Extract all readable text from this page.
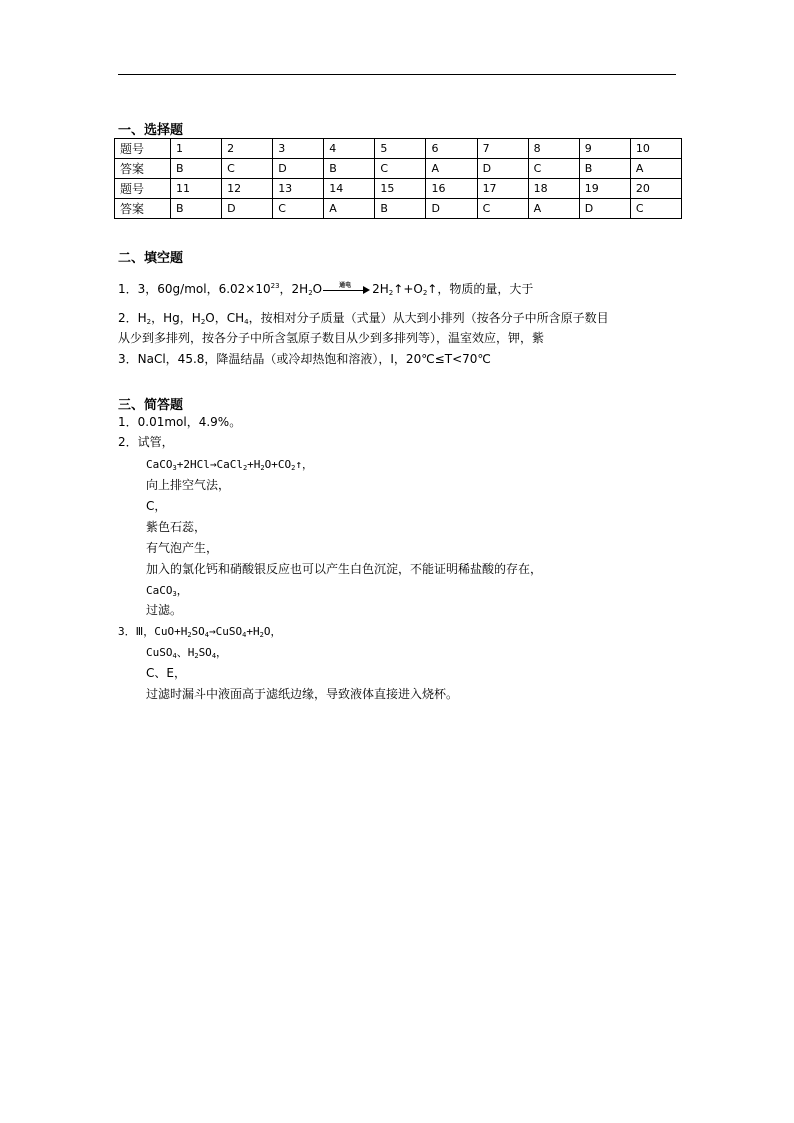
一、选择题
题号	1	2	3	4	5	6	7	8	9	10
答案	B	C	D	B	C	A	D	C	B	A
题号	11	12	13	14	15	16	17	18	19	20
答案	B	D	C	A	B	D	C	A	D	C
二、填空题
1．3，60g/mol，$6.02\times 10^{23}$，$2H_2O$	通电	$2H_2↑+O_2↑$，物质的量，大于
2．$H_2$，Hg，$H_2O$，$CH_4$，按相对分子质量（式量）从大到小排列（按各分子中所含原子数目
从少到多排列，按各分子中所含氢原子数目从少到多排列等），温室效应，钾，紫
3．NaCl，45.8，降温结晶（或冷却热饱和溶液），I，20℃≤T<70℃
三、简答题
1．0.01mol，4.9%。
2．试管，
$CaCO_3+2HCl\to CaCl_2+H_2O+CO_2↑$，
向上排空气法，
C，
紫色石蕊，
有气泡产生，
加入的氯化钙和硝酸银反应也可以产生白色沉淀，不能证明稀盐酸的存在，
CaCO$_3$，
过滤。
3．Ⅲ，$CuO+H_2SO_4\to CuSO_4+H_2O$，
CuSO$_4$、$H_2SO_4$，
C、E，
过滤时漏斗中液面高于滤纸边缘，导致液体直接进入烧杯。
